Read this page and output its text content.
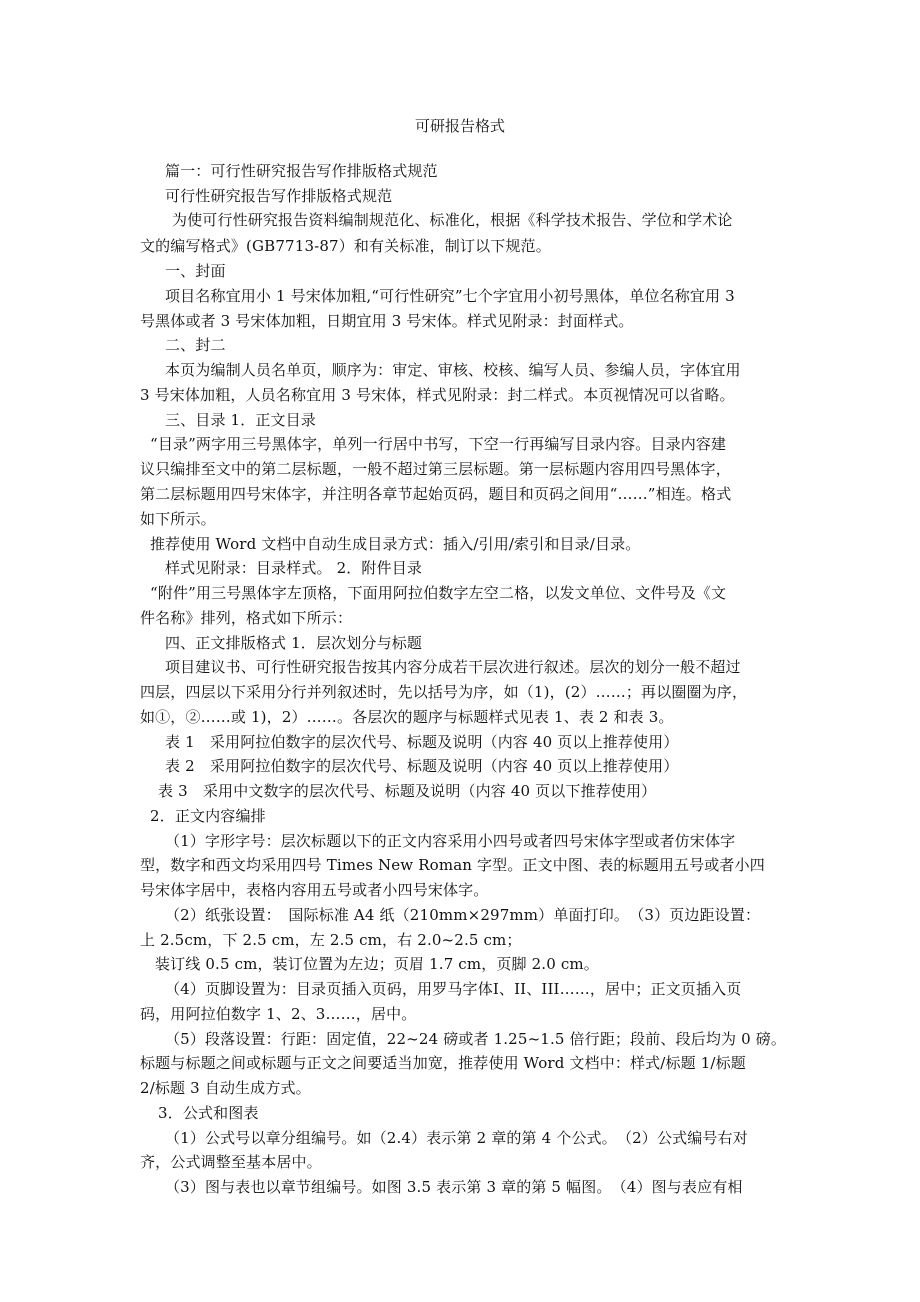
可研报告格式
篇一：可行性研究报告写作排版格式规范
可行性研究报告写作排版格式规范
为使可行性研究报告资料编制规范化、标准化，根据《科学技术报告、学位和学术论
文的编写格式》(GB7713-87）和有关标准，制订以下规范。
一、封面
项目名称宜用小 1 号宋体加粗,“可行性研究”七个字宜用小初号黑体，单位名称宜用 3
号黑体或者 3 号宋体加粗，日期宜用 3 号宋体。样式见附录：封面样式。
二、封二
本页为编制人员名单页，顺序为：审定、审核、校核、编写人员、参编人员，字体宜用
3 号宋体加粗，人员名称宜用 3 号宋体，样式见附录：封二样式。本页视情况可以省略。
三、目录 1．正文目录
“目录”两字用三号黑体字，单列一行居中书写，下空一行再编写目录内容。目录内容建
议只编排至文中的第二层标题，一般不超过第三层标题。第一层标题内容用四号黑体字，
第二层标题用四号宋体字，并注明各章节起始页码，题目和页码之间用“……”相连。格式
如下所示。
推荐使用 Word 文档中自动生成目录方式：插入/引用/索引和目录/目录。
样式见附录：目录样式。 2．附件目录
“附件”用三号黑体字左顶格，下面用阿拉伯数字左空二格，以发文单位、文件号及《文
件名称》排列，格式如下所示：
四、正文排版格式 1．层次划分与标题
项目建议书、可行性研究报告按其内容分成若干层次进行叙述。层次的划分一般不超过
四层，四层以下采用分行并列叙述时，先以括号为序，如（1)，(2）……；再以圈圈为序，
如①，②……或 1)，2）……。各层次的题序与标题样式见表 1、表 2 和表 3。
表 1　采用阿拉伯数字的层次代号、标题及说明（内容 40 页以上推荐使用）
表 2　采用阿拉伯数字的层次代号、标题及说明（内容 40 页以上推荐使用）
表 3　采用中文数字的层次代号、标题及说明（内容 40 页以下推荐使用）
2．正文内容编排
（1）字形字号：层次标题以下的正文内容采用小四号或者四号宋体字型或者仿宋体字
型，数字和西文均采用四号 Times New Roman 字型。正文中图、表的标题用五号或者小四
号宋体字居中，表格内容用五号或者小四号宋体字。
（2）纸张设置：　国际标准 A4 纸（210mm×297mm）单面打印。　（3）页边距设置：
上 2.5cm，下 2.5 cm，左 2.5 cm，右 2.0~2.5 cm；
装订线 0.5 cm，装订位置为左边；页眉 1.7 cm，页脚 2.0 cm。
（4）页脚设置为：目录页插入页码，用罗马字体I、II、III……，居中；正文页插入页
码，用阿拉伯数字 1、2、3……，居中。
（5）段落设置：行距：固定值，22~24 磅或者 1.25~1.5 倍行距；段前、段后均为 0 磅。
标题与标题之间或标题与正文之间要适当加宽，推荐使用 Word 文档中：样式/标题 1/标题
2/标题 3 自动生成方式。
3．公式和图表
（1）公式号以章分组编号。如（2.4）表示第 2 章的第 4 个公式。　（2）公式编号右对
齐，公式调整至基本居中。
（3）图与表也以章节组编号。如图 3.5 表示第 3 章的第 5 幅图。　（4）图与表应有相
